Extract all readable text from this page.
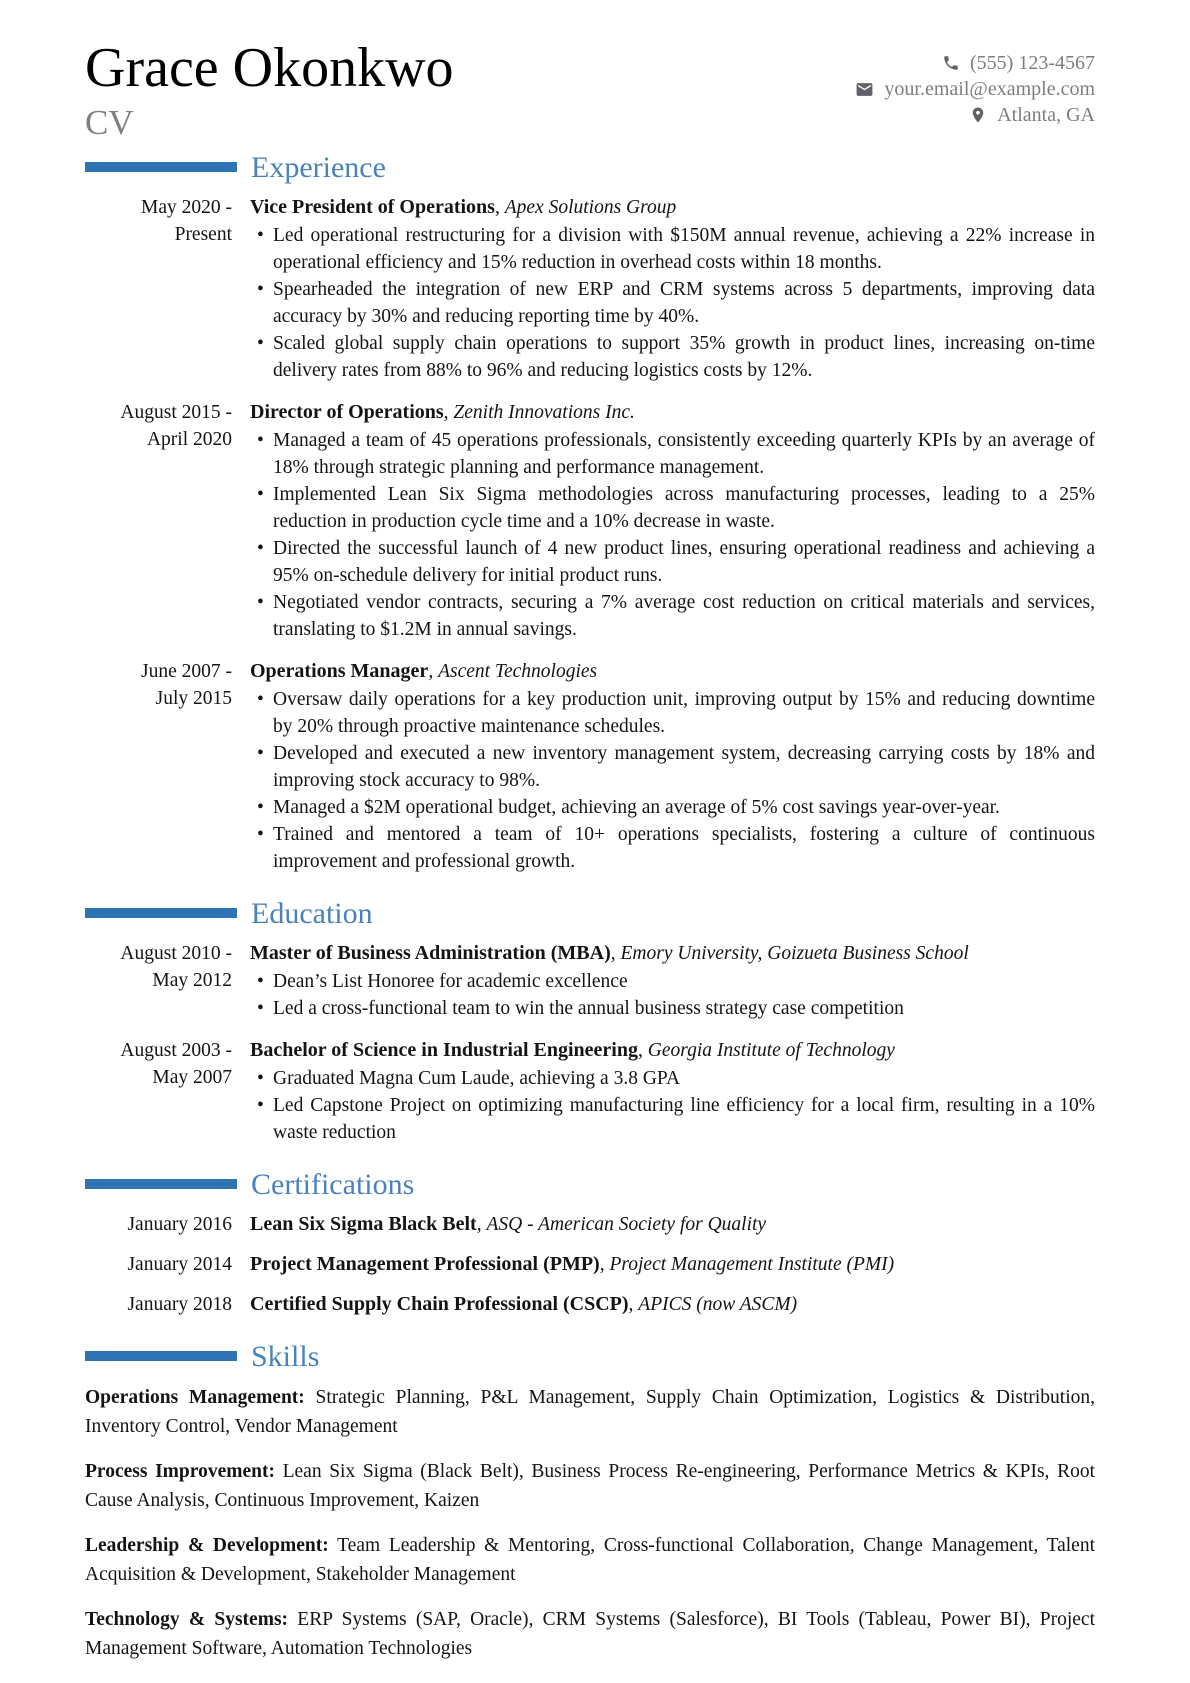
Grace Okonkwo
CV
(555) 123-4567
your.email@example.com
Atlanta, GA
Experience
May 2020 -
Present
Vice President of Operations, Apex Solutions Group
• Led operational restructuring for a division with $150M annual revenue, achieving a 22% increase in operational efficiency and 15% reduction in overhead costs within 18 months.
• Spearheaded the integration of new ERP and CRM systems across 5 departments, improving data accuracy by 30% and reducing reporting time by 40%.
• Scaled global supply chain operations to support 35% growth in product lines, increasing on-time delivery rates from 88% to 96% and reducing logistics costs by 12%.
August 2015 -
April 2020
Director of Operations, Zenith Innovations Inc.
• Managed a team of 45 operations professionals, consistently exceeding quarterly KPIs by an average of 18% through strategic planning and performance management.
• Implemented Lean Six Sigma methodologies across manufacturing processes, leading to a 25% reduction in production cycle time and a 10% decrease in waste.
• Directed the successful launch of 4 new product lines, ensuring operational readiness and achieving a 95% on-schedule delivery for initial product runs.
• Negotiated vendor contracts, securing a 7% average cost reduction on critical materials and services, translating to $1.2M in annual savings.
June 2007 -
July 2015
Operations Manager, Ascent Technologies
• Oversaw daily operations for a key production unit, improving output by 15% and reducing downtime by 20% through proactive maintenance schedules.
• Developed and executed a new inventory management system, decreasing carrying costs by 18% and improving stock accuracy to 98%.
• Managed a $2M operational budget, achieving an average of 5% cost savings year-over-year.
• Trained and mentored a team of 10+ operations specialists, fostering a culture of continuous improvement and professional growth.
Education
August 2010 -
May 2012
Master of Business Administration (MBA), Emory University, Goizueta Business School
• Dean’s List Honoree for academic excellence
• Led a cross-functional team to win the annual business strategy case competition
August 2003 -
May 2007
Bachelor of Science in Industrial Engineering, Georgia Institute of Technology
• Graduated Magna Cum Laude, achieving a 3.8 GPA
• Led Capstone Project on optimizing manufacturing line efficiency for a local firm, resulting in a 10% waste reduction
Certifications
January 2016 Lean Six Sigma Black Belt, ASQ - American Society for Quality
January 2014 Project Management Professional (PMP), Project Management Institute (PMI)
January 2018 Certified Supply Chain Professional (CSCP), APICS (now ASCM)
Skills

Operations Management: Strategic Planning, P&L Management, Supply Chain Optimization, Logistics & Distribution, Inventory Control, Vendor Management

Process Improvement: Lean Six Sigma (Black Belt), Business Process Re-engineering, Performance Metrics & KPIs, Root Cause Analysis, Continuous Improvement, Kaizen

Leadership & Development: Team Leadership & Mentoring, Cross-functional Collaboration, Change Management, Talent Acquisition & Development, Stakeholder Management

Technology & Systems: ERP Systems (SAP, Oracle), CRM Systems (Salesforce), BI Tools (Tableau, Power BI), Project Management Software, Automation Technologies
